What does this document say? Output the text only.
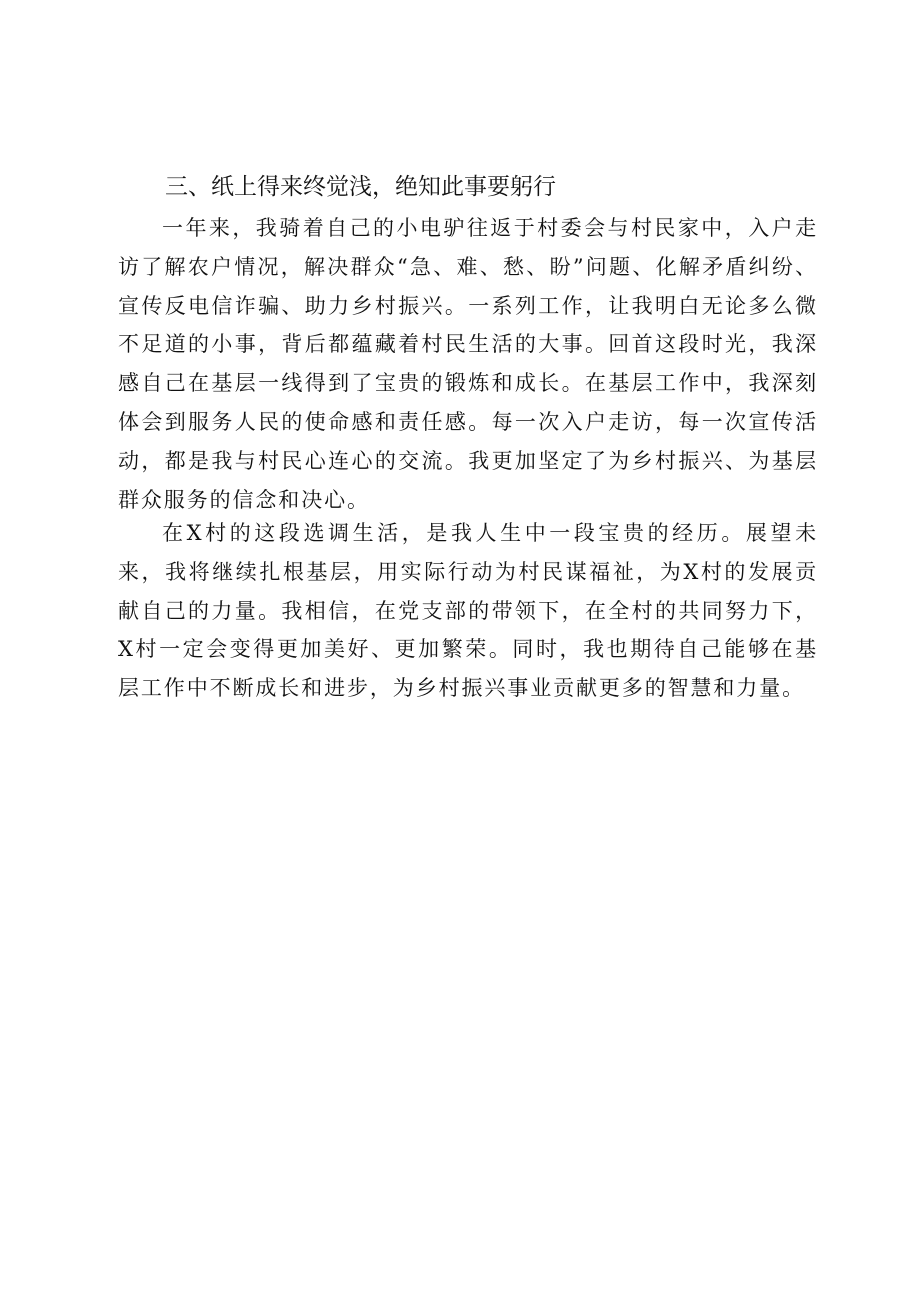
三、纸上得来终觉浅，绝知此事要躬行

一年来，我骑着自己的小电驴往返于村委会与村民家中，入户走访了解农户情况，解决群众“急、难、愁、盼”问题、化解矛盾纠纷、宣传反电信诈骗、助力乡村振兴。一系列工作，让我明白无论多么微不足道的小事，背后都蕴藏着村民生活的大事。回首这段时光，我深感自己在基层一线得到了宝贵的锻炼和成长。在基层工作中，我深刻体会到服务人民的使命感和责任感。每一次入户走访，每一次宣传活动，都是我与村民心连心的交流。我更加坚定了为乡村振兴、为基层群众服务的信念和决心。

在X村的这段选调生活，是我人生中一段宝贵的经历。展望未来，我将继续扎根基层，用实际行动为村民谋福祉，为X村的发展贡献自己的力量。我相信，在党支部的带领下，在全村的共同努力下，X村一定会变得更加美好、更加繁荣。同时，我也期待自己能够在基层工作中不断成长和进步，为乡村振兴事业贡献更多的智慧和力量。
